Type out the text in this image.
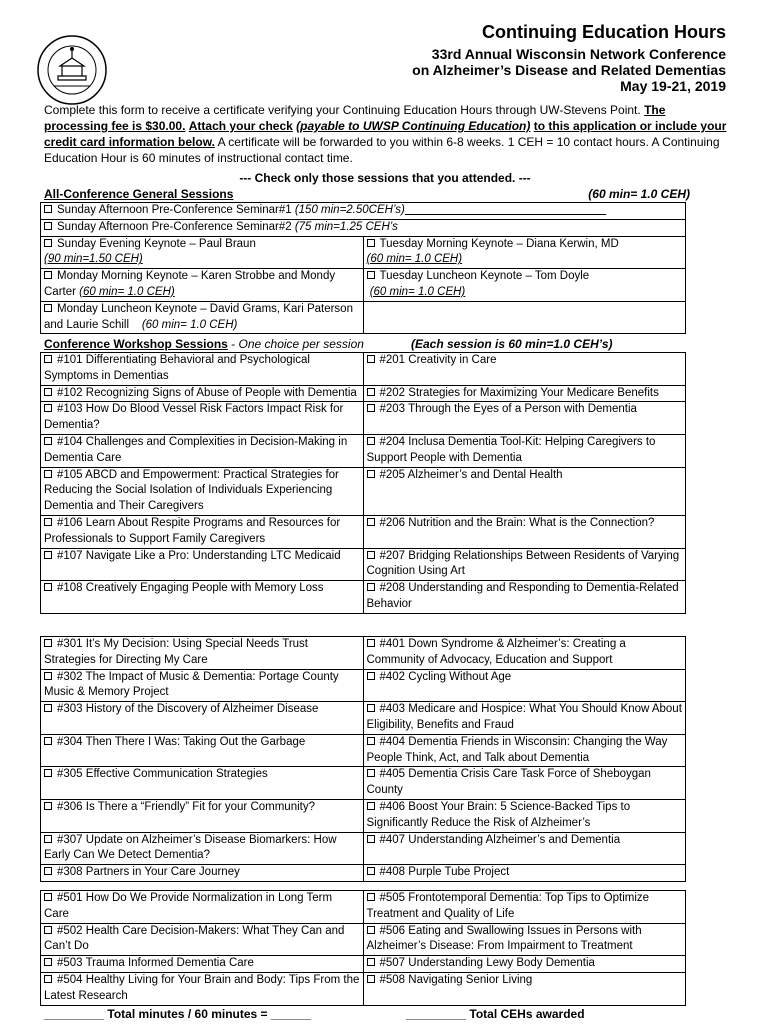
Continuing Education Hours
33rd Annual Wisconsin Network Conference
on Alzheimer’s Disease and Related Dementias
May 19-21, 2019
Complete this form to receive a certificate verifying your Continuing Education Hours through UW-Stevens Point. The processing fee is $30.00. Attach your check (payable to UWSP Continuing Education) to this application or include your credit card information below. A certificate will be forwarded to you within 6-8 weeks. 1 CEH = 10 contact hours. A Continuing Education Hour is 60 minutes of instructional contact time.
--- Check only those sessions that you attended. ---
All-Conference General Sessions	(60 min= 1.0 CEH)
Sunday Afternoon Pre-Conference Seminar#1 (150 min=2.50CEH’s)	
Sunday Afternoon Pre-Conference Seminar#2 (75 min=1.25 CEH’s	
Sunday Evening Keynote – Paul Braun
(90 min=1.50 CEH)	Tuesday Morning Keynote – Diana Kerwin, MD
(60 min= 1.0 CEH)
Monday Morning Keynote – Karen Strobbe and Mondy Carter (60 min= 1.0 CEH)	Tuesday Luncheon Keynote – Tom Doyle
(60 min= 1.0 CEH)
Monday Luncheon Keynote – David Grams, Kari Paterson and Laurie Schill (60 min= 1.0 CEH)	
Conference Workshop Sessions - One choice per session	(Each session is 60 min=1.0 CEH’s)
#101 Differentiating Behavioral and Psychological Symptoms in Dementias	#201 Creativity in Care
#102 Recognizing Signs of Abuse of People with Dementia	#202 Strategies for Maximizing Your Medicare Benefits
#103 How Do Blood Vessel Risk Factors Impact Risk for Dementia?	#203 Through the Eyes of a Person with Dementia
#104 Challenges and Complexities in Decision-Making in Dementia Care	#204 Inclusa Dementia Tool-Kit: Helping Caregivers to Support People with Dementia
#105 ABCD and Empowerment: Practical Strategies for Reducing the Social Isolation of Individuals Experiencing Dementia and Their Caregivers	#205 Alzheimer’s and Dental Health
#106 Learn About Respite Programs and Resources for Professionals to Support Family Caregivers	#206 Nutrition and the Brain: What is the Connection?
#107 Navigate Like a Pro: Understanding LTC Medicaid	#207 Bridging Relationships Between Residents of Varying Cognition Using Art
#108 Creatively Engaging People with Memory Loss	#208 Understanding and Responding to Dementia-Related Behavior
#301 It’s My Decision: Using Special Needs Trust Strategies for Directing My Care	#401 Down Syndrome & Alzheimer’s: Creating a Community of Advocacy, Education and Support
#302 The Impact of Music & Dementia: Portage County Music & Memory Project	#402 Cycling Without Age
#303 History of the Discovery of Alzheimer Disease	#403 Medicare and Hospice: What You Should Know About Eligibility, Benefits and Fraud
#304 Then There I Was: Taking Out the Garbage	#404 Dementia Friends in Wisconsin: Changing the Way People Think, Act, and Talk about Dementia
#305 Effective Communication Strategies	#405 Dementia Crisis Care Task Force of Sheboygan County
#306 Is There a “Friendly” Fit for your Community?	#406 Boost Your Brain: 5 Science-Backed Tips to Significantly Reduce the Risk of Alzheimer’s
#307 Update on Alzheimer’s Disease Biomarkers: How Early Can We Detect Dementia?	#407 Understanding Alzheimer’s and Dementia
#308 Partners in Your Care Journey	#408 Purple Tube Project
#501 How Do We Provide Normalization in Long Term Care	#505 Frontotemporal Dementia: Top Tips to Optimize Treatment and Quality of Life
#502 Health Care Decision-Makers: What They Can and Can’t Do	#506 Eating and Swallowing Issues in Persons with Alzheimer’s Disease: From Impairment to Treatment
#503 Trauma Informed Dementia Care	#507 Understanding Lewy Body Dementia
#504 Healthy Living for Your Brain and Body: Tips From the Latest Research	#508 Navigating Senior Living
_________ Total minutes / 60 minutes = ______	_________ Total CEHs awarded
